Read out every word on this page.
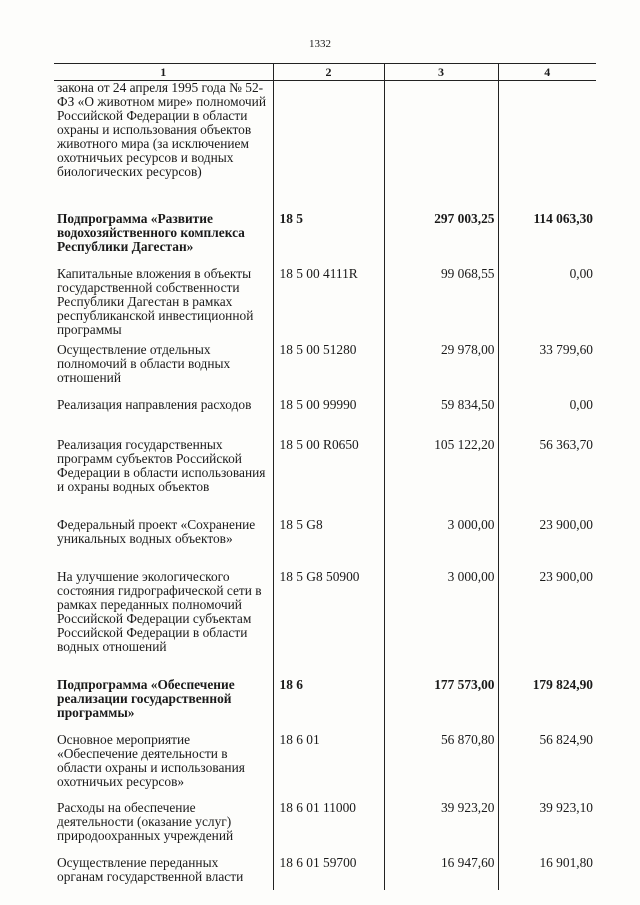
1332
1	2	3	4
закона от 24 апреля 1995 года № 52-ФЗ «О животном мире» полномочий Российской Федерации в области охраны и использования объектов животного мира (за исключением охотничьих ресурсов и водных биологических ресурсов)			
Подпрограмма «Развитие водохозяйственного комплекса Республики Дагестан»	18 5	297 003,25	114 063,30
Капитальные вложения в объекты государственной собственности Республики Дагестан в рамках республиканской инвестиционной программы	18 5 00 4111R	99 068,55	0,00
Осуществление отдельных полномочий в области водных отношений	18 5 00 51280	29 978,00	33 799,60
Реализация направления расходов	18 5 00 99990	59 834,50	0,00
Реализация государственных программ субъектов Российской Федерации в области использования и охраны водных объектов	18 5 00 R0650	105 122,20	56 363,70
Федеральный проект «Сохранение уникальных водных объектов»	18 5 G8	3 000,00	23 900,00
На улучшение экологического состояния гидрографической сети в рамках переданных полномочий Российской Федерации субъектам Российской Федерации в области водных отношений	18 5 G8 50900	3 000,00	23 900,00
Подпрограмма «Обеспечение реализации государственной программы»	18 6	177 573,00	179 824,90
Основное мероприятие «Обеспечение деятельности в области охраны и использования охотничьих ресурсов»	18 6 01	56 870,80	56 824,90
Расходы на обеспечение деятельности (оказание услуг) природоохранных учреждений	18 6 01 11000	39 923,20	39 923,10
Осуществление переданных органам государственной власти	18 6 01 59700	16 947,60	16 901,80
